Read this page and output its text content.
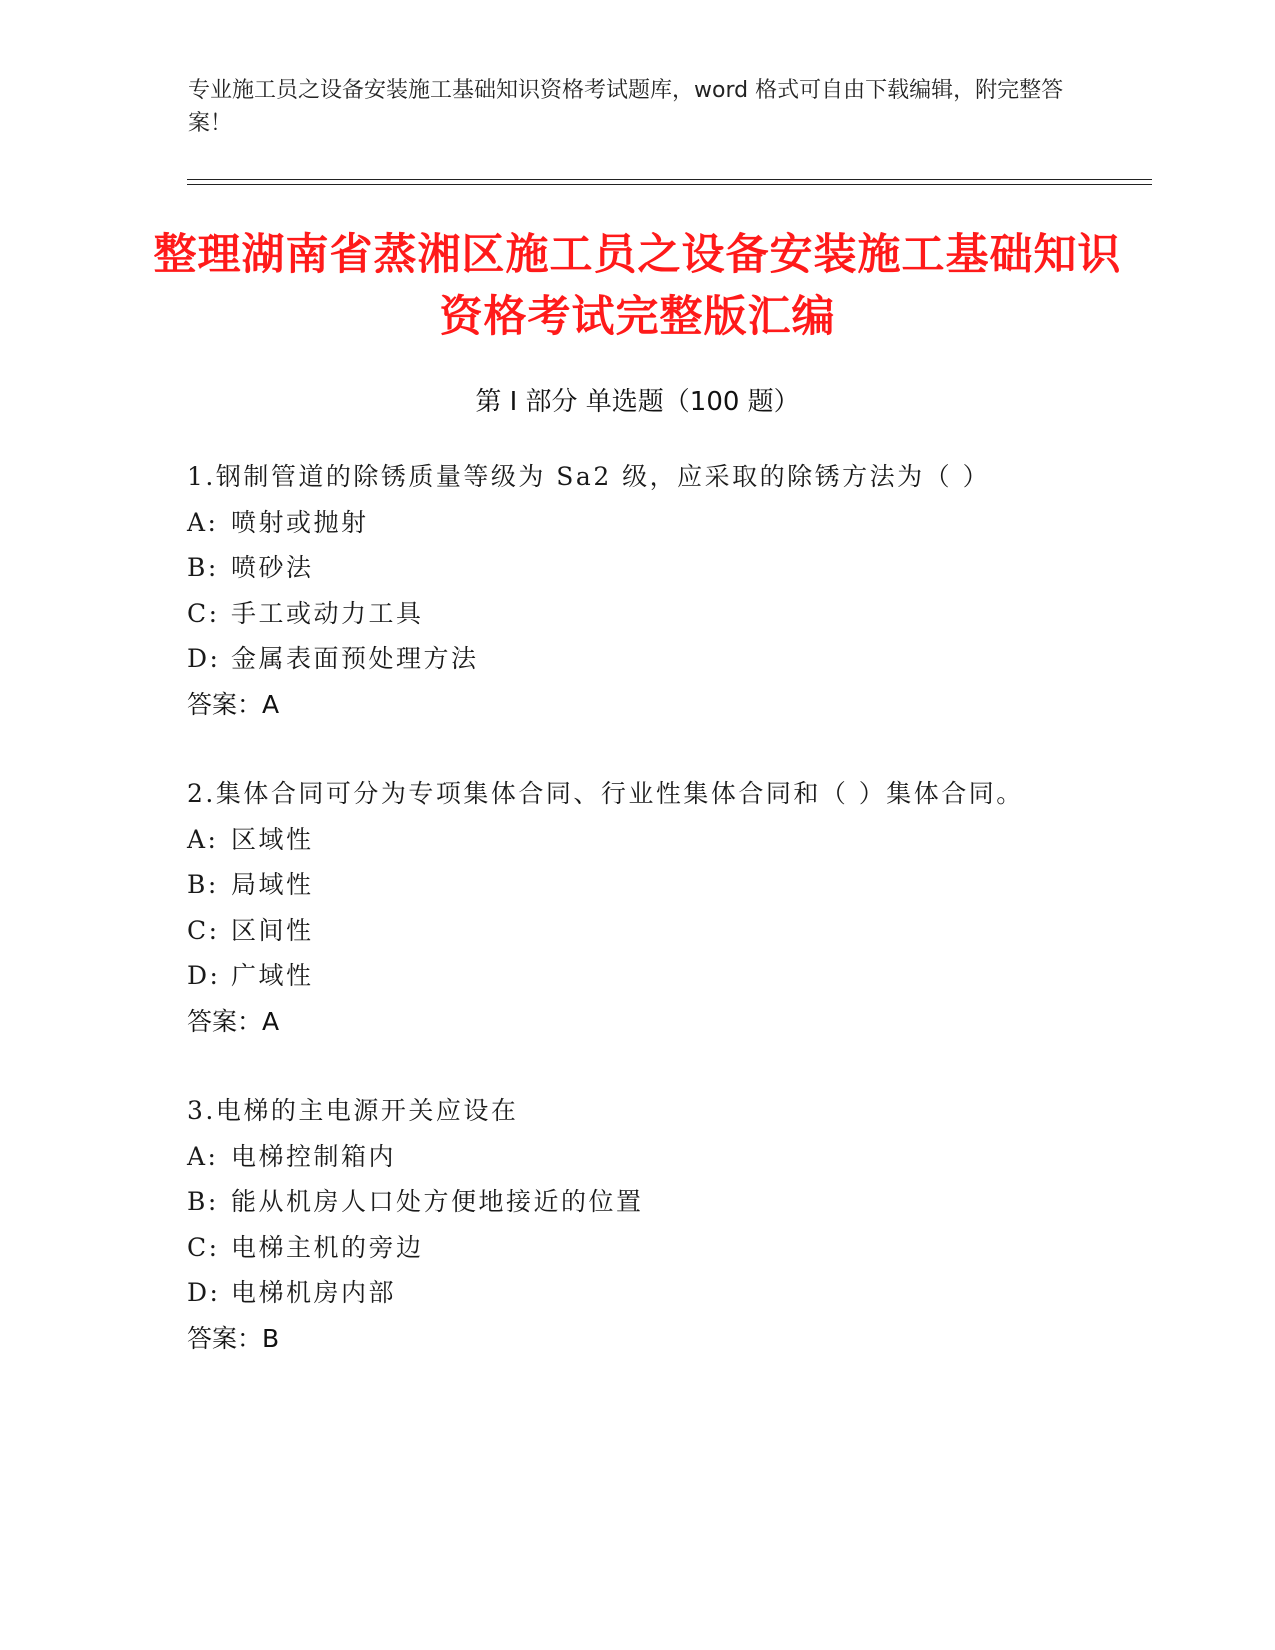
专业施工员之设备安装施工基础知识资格考试题库，word 格式可自由下载编辑，附完整答案！
整理湖南省蒸湘区施工员之设备安装施工基础知识资格考试完整版汇编
第 I 部分 单选题（100 题）
1.钢制管道的除锈质量等级为 Sa2 级，应采取的除锈方法为（ ）
A: 喷射或抛射
B: 喷砂法
C: 手工或动力工具
D: 金属表面预处理方法
答案：A
2.集体合同可分为专项集体合同、行业性集体合同和（ ）集体合同。
A: 区域性
B: 局域性
C: 区间性
D: 广域性
答案：A
3.电梯的主电源开关应设在
A: 电梯控制箱内
B: 能从机房人口处方便地接近的位置
C: 电梯主机的旁边
D: 电梯机房内部
答案：B
